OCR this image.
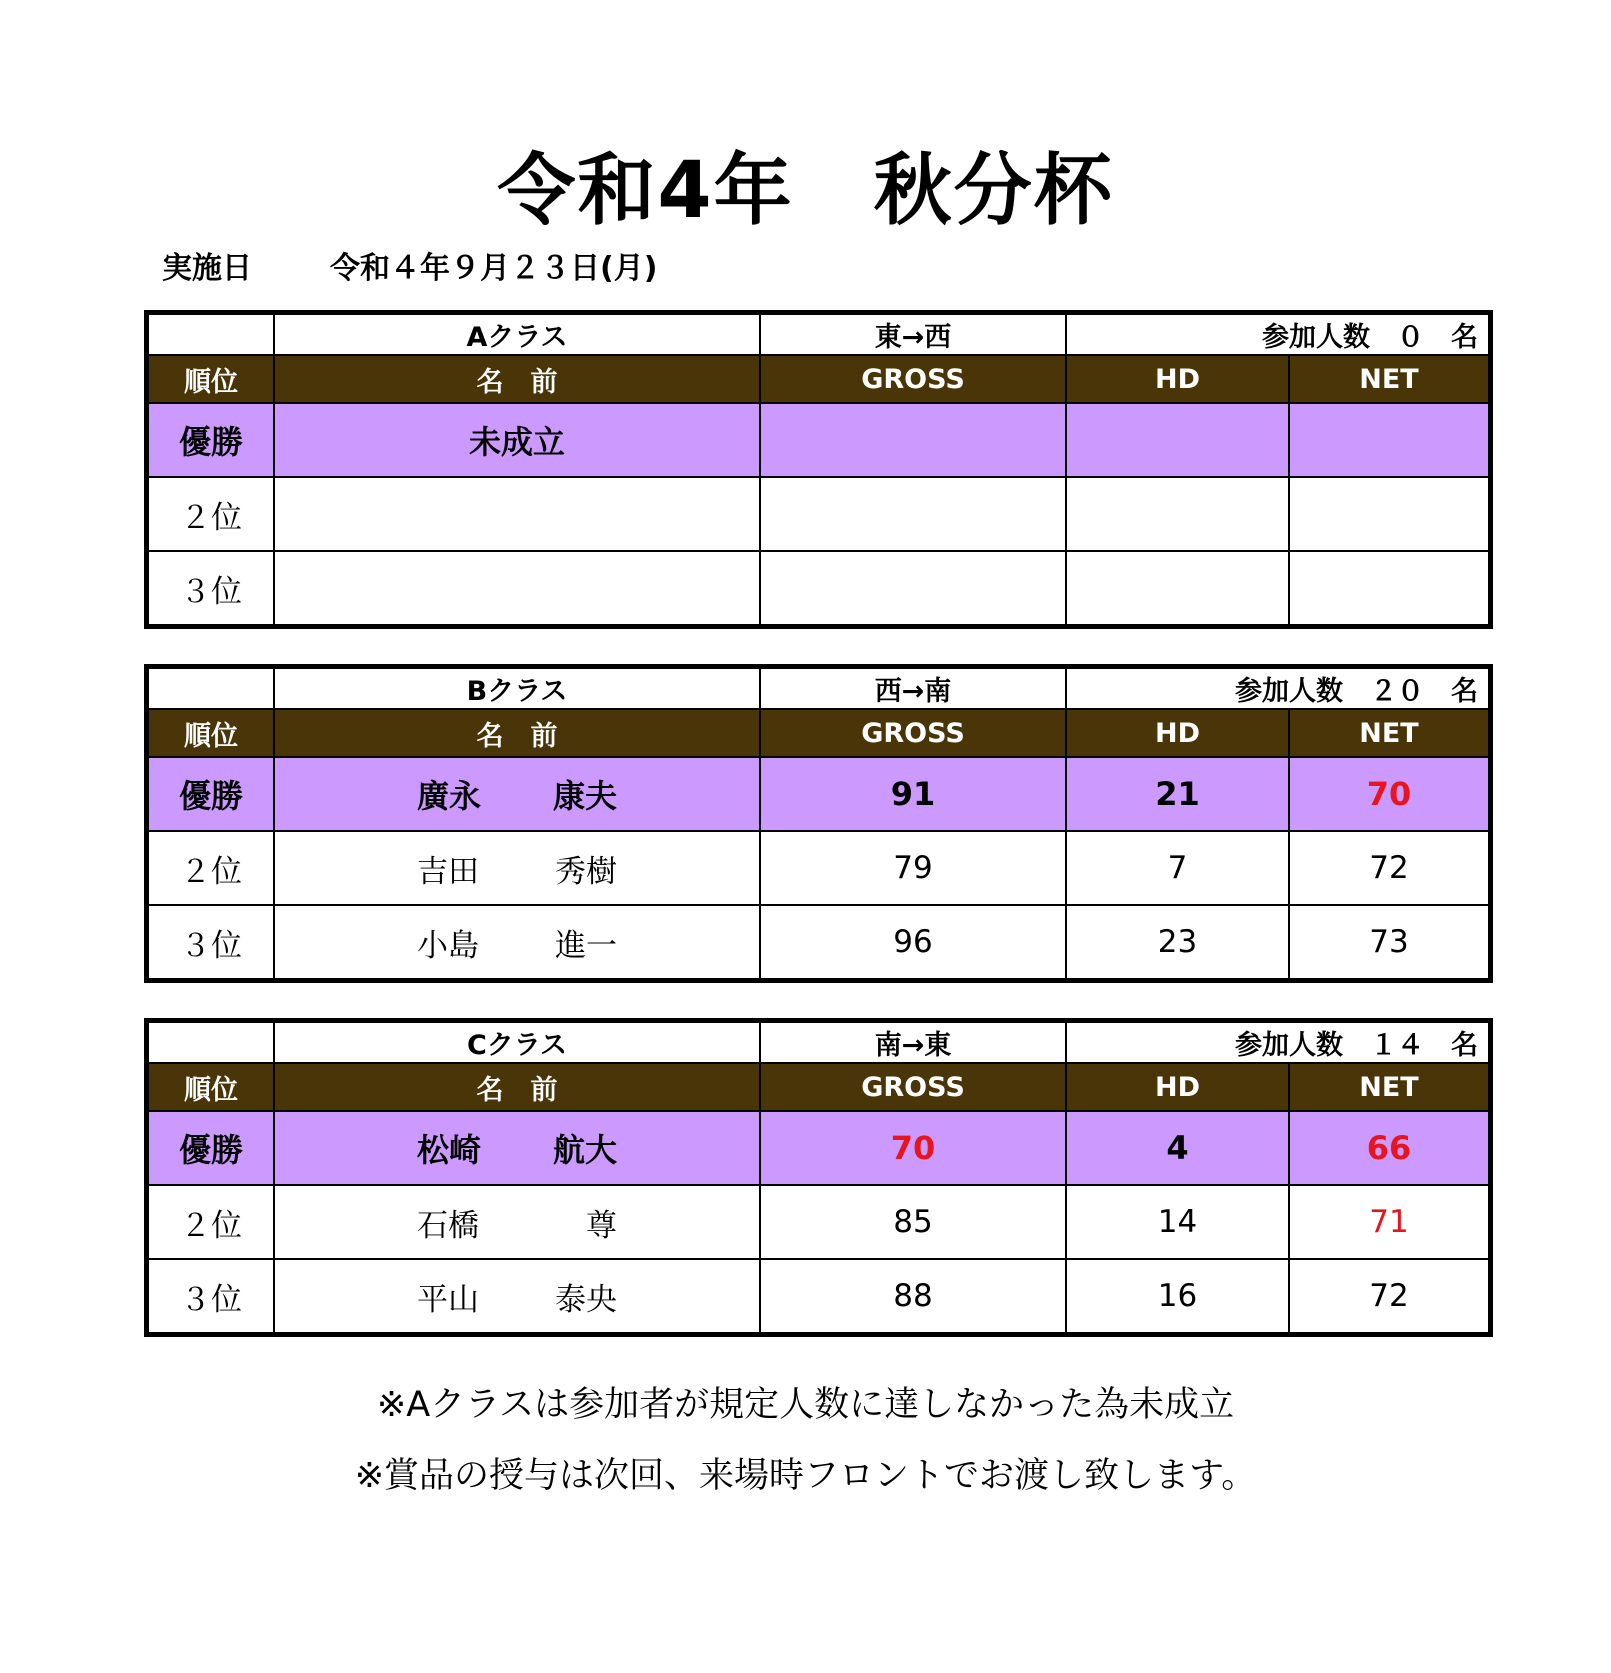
令和4年　秋分杯
実施日	令和４年９月２３日(月)
	Aクラス	東→西	参加人数　０　名	
順位	名　前	GROSS	HD	NET
優勝	未成立			
２位				
３位				
	Bクラス	西→南	参加人数　２０　名	
順位	名　前	GROSS	HD	NET
優勝	廣永 康夫	91	21	70
２位	吉田 秀樹	79	7	72
３位	小島 進一	96	23	73
	Cクラス	南→東	参加人数　１４　名	
順位	名　前	GROSS	HD	NET
優勝	松崎 航大	70	4	66
２位	石橋 尊	85	14	71
３位	平山 泰央	88	16	72
※Aクラスは参加者が規定人数に達しなかった為未成立
※賞品の授与は次回、来場時フロントでお渡し致します。
